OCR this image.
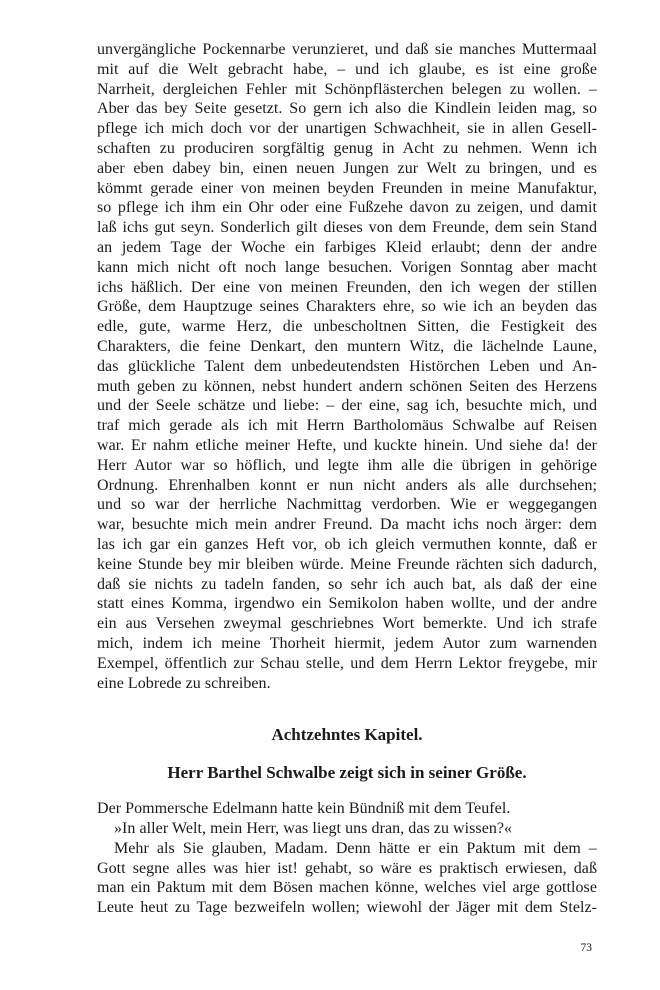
unvergängliche Pockennarbe verunzieret, und daß sie manches Muttermaal
mit auf die Welt gebracht habe, – und ich glaube, es ist eine große
Narrheit, dergleichen Fehler mit Schönpflästerchen belegen zu wollen. –
Aber das bey Seite gesetzt. So gern ich also die Kindlein leiden mag, so
pflege ich mich doch vor der unartigen Schwachheit, sie in allen Gesell-
schaften zu produciren sorgfältig genug in Acht zu nehmen. Wenn ich
aber eben dabey bin, einen neuen Jungen zur Welt zu bringen, und es
kömmt gerade einer von meinen beyden Freunden in meine Manufaktur,
so pflege ich ihm ein Ohr oder eine Fußzehe davon zu zeigen, und damit
laß ichs gut seyn. Sonderlich gilt dieses von dem Freunde, dem sein Stand
an jedem Tage der Woche ein farbiges Kleid erlaubt; denn der andre
kann mich nicht oft noch lange besuchen. Vorigen Sonntag aber macht
ichs häßlich. Der eine von meinen Freunden, den ich wegen der stillen
Größe, dem Hauptzuge seines Charakters ehre, so wie ich an beyden das
edle, gute, warme Herz, die unbescholtnen Sitten, die Festigkeit des
Charakters, die feine Denkart, den muntern Witz, die lächelnde Laune,
das glückliche Talent dem unbedeutendsten Histörchen Leben und An-
muth geben zu können, nebst hundert andern schönen Seiten des Herzens
und der Seele schätze und liebe: – der eine, sag ich, besuchte mich, und
traf mich gerade als ich mit Herrn Bartholomäus Schwalbe auf Reisen
war. Er nahm etliche meiner Hefte, und kuckte hinein. Und siehe da! der
Herr Autor war so höflich, und legte ihm alle die übrigen in gehörige
Ordnung. Ehrenhalben konnt er nun nicht anders als alle durchsehen;
und so war der herrliche Nachmittag verdorben. Wie er weggegangen
war, besuchte mich mein andrer Freund. Da macht ichs noch ärger: dem
las ich gar ein ganzes Heft vor, ob ich gleich vermuthen konnte, daß er
keine Stunde bey mir bleiben würde. Meine Freunde rächten sich dadurch,
daß sie nichts zu tadeln fanden, so sehr ich auch bat, als daß der eine
statt eines Komma, irgendwo ein Semikolon haben wollte, und der andre
ein aus Versehen zweymal geschriebnes Wort bemerkte. Und ich strafe
mich, indem ich meine Thorheit hiermit, jedem Autor zum warnenden
Exempel, öffentlich zur Schau stelle, und dem Herrn Lektor freygebe, mir
eine Lobrede zu schreiben.
Achtzehntes Kapitel.
Herr Barthel Schwalbe zeigt sich in seiner Größe.
Der Pommersche Edelmann hatte kein Bündniß mit dem Teufel.
»In aller Welt, mein Herr, was liegt uns dran, das zu wissen?«
Mehr als Sie glauben, Madam. Denn hätte er ein Paktum mit dem –
Gott segne alles was hier ist! gehabt, so wäre es praktisch erwiesen, daß
man ein Paktum mit dem Bösen machen könne, welches viel arge gottlose
Leute heut zu Tage bezweifeln wollen; wiewohl der Jäger mit dem Stelz-
73
